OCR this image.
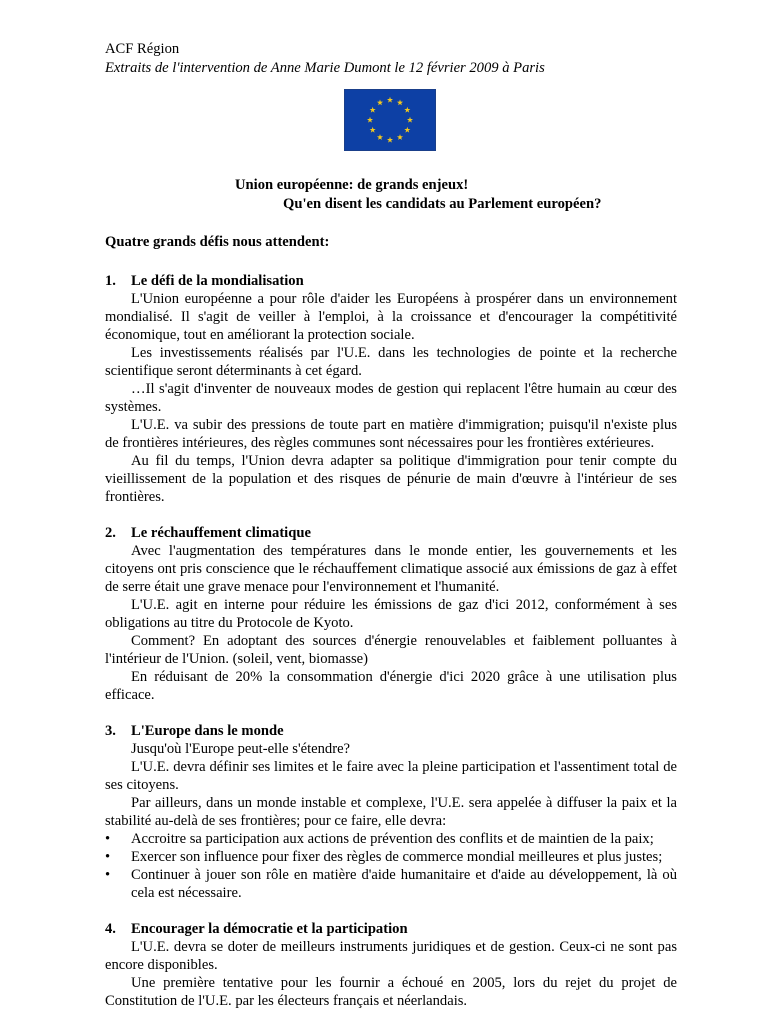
ACF Région
Extraits de l'intervention de Anne Marie Dumont le 12 février 2009 à Paris
Union européenne: de grands enjeux!
Qu'en disent les candidats au Parlement européen?
Quatre grands défis nous attendent:
1.	Le défi de la mondialisation
L'Union européenne a pour rôle d'aider les Européens à prospérer dans un environnement mondialisé. Il s'agit de veiller à l'emploi, à la croissance et d'encourager la compétitivité économique, tout en améliorant la protection sociale.
Les investissements réalisés par l'U.E. dans les technologies de pointe et la recherche scientifique seront déterminants à cet égard.
…Il s'agit d'inventer de nouveaux modes de gestion qui replacent l'être humain au cœur des systèmes.
L'U.E. va subir des pressions de toute part en matière d'immigration; puisqu'il n'existe plus de frontières intérieures, des règles communes sont nécessaires pour les frontières extérieures.
Au fil du temps, l'Union devra adapter sa politique d'immigration pour tenir compte du vieillissement de la population et des risques de pénurie de main d'œuvre à l'intérieur de ses frontières.
2.	Le réchauffement climatique
Avec l'augmentation des températures dans le monde entier, les gouvernements et les citoyens ont pris conscience que le réchauffement climatique associé aux émissions de gaz à effet de serre était une grave menace pour l'environnement et l'humanité.
L'U.E. agit en interne pour réduire les émissions de gaz d'ici 2012, conformément à ses obligations au titre du Protocole de Kyoto.
Comment? En adoptant des sources d'énergie renouvelables et faiblement polluantes à l'intérieur de l'Union. (soleil, vent, biomasse)
En réduisant de 20% la consommation d'énergie d'ici 2020 grâce à une utilisation plus efficace.
3.	L'Europe dans le monde
Jusqu'où l'Europe peut-elle s'étendre?
L'U.E. devra définir ses limites et le faire avec la pleine participation et l'assentiment total de ses citoyens.
Par ailleurs, dans un monde instable et complexe, l'U.E. sera appelée à diffuser la paix et la stabilité au-delà de ses frontières; pour ce faire, elle devra:
• Accroitre sa participation aux actions de prévention des conflits et de maintien de la paix;
• Exercer son influence pour fixer des règles de commerce mondial meilleures et plus justes;
• Continuer à jouer son rôle en matière d'aide humanitaire et d'aide au développement, là où cela est nécessaire.
4.	Encourager la démocratie et la participation
L'U.E. devra se doter de meilleurs instruments juridiques et de gestion. Ceux-ci ne sont pas encore disponibles.
Une première tentative pour les fournir a échoué en 2005, lors du rejet du projet de Constitution de l'U.E. par les électeurs français et néerlandais.
